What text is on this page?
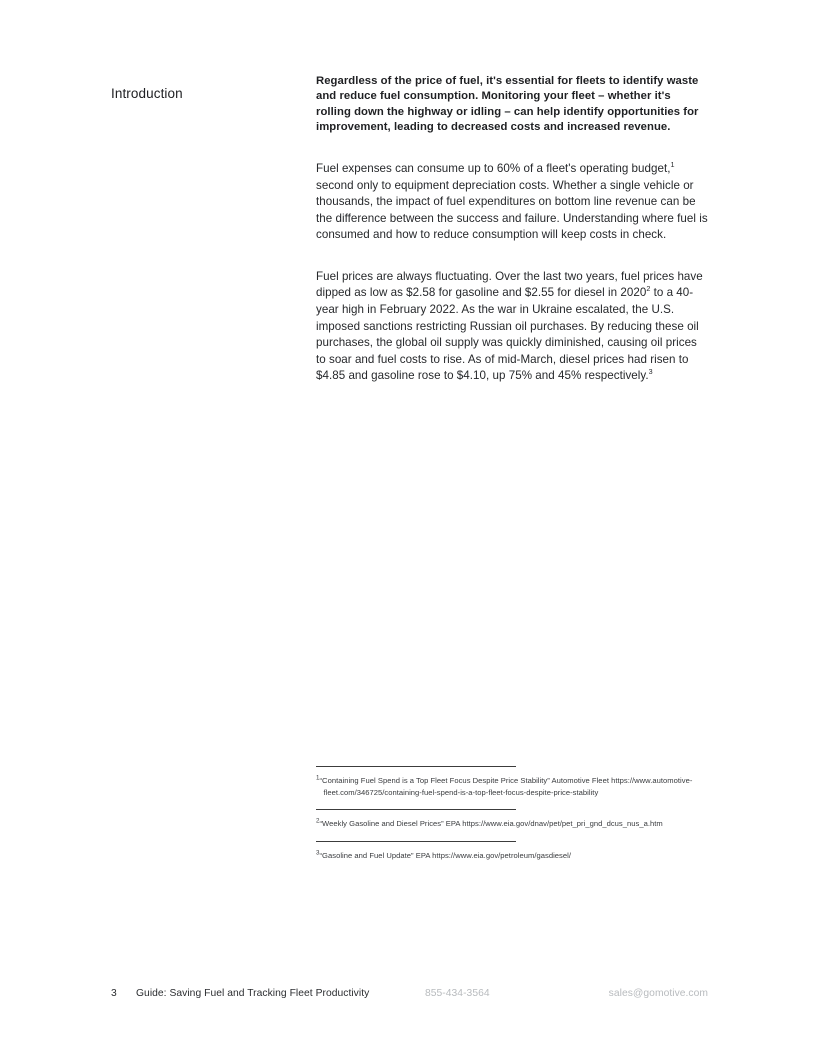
Introduction

Regardless of the price of fuel, it's essential for fleets to identify waste and reduce fuel consumption. Monitoring your fleet – whether it's rolling down the highway or idling – can help identify opportunities for improvement, leading to decreased costs and increased revenue.

Fuel expenses can consume up to 60% of a fleet's operating budget,$^1$ second only to equipment depreciation costs. Whether a single vehicle or thousands, the impact of fuel expenditures on bottom line revenue can be the difference between the success and failure. Understanding where fuel is consumed and how to reduce consumption will keep costs in check.

Fuel prices are always fluctuating. Over the last two years, fuel prices have dipped as low as $2.58 for gasoline and $2.55 for diesel in 2020$^2$ to a 40-year high in February 2022. As the war in Ukraine escalated, the U.S. imposed sanctions restricting Russian oil purchases. By reducing these oil purchases, the global oil supply was quickly diminished, causing oil prices to soar and fuel costs to rise. As of mid-March, diesel prices had risen to $4.85 and gasoline rose to $4.10, up 75% and 45% respectively.$^3$

$^1$“Containing Fuel Spend is a Top Fleet Focus Despite Price Stability” Automotive Fleet https://www.automotive-fleet.com/346725/containing-fuel-spend-is-a-top-fleet-focus-despite-price-stability
$^2$“Weekly Gasoline and Diesel Prices” EPA https://www.eia.gov/dnav/pet/pet_pri_gnd_dcus_nus_a.htm
$^3$“Gasoline and Fuel Update” EPA https://www.eia.gov/petroleum/gasdiesel/
3 Guide: Saving Fuel and Tracking Fleet Productivity	855-434-3564	sales@gomotive.com
